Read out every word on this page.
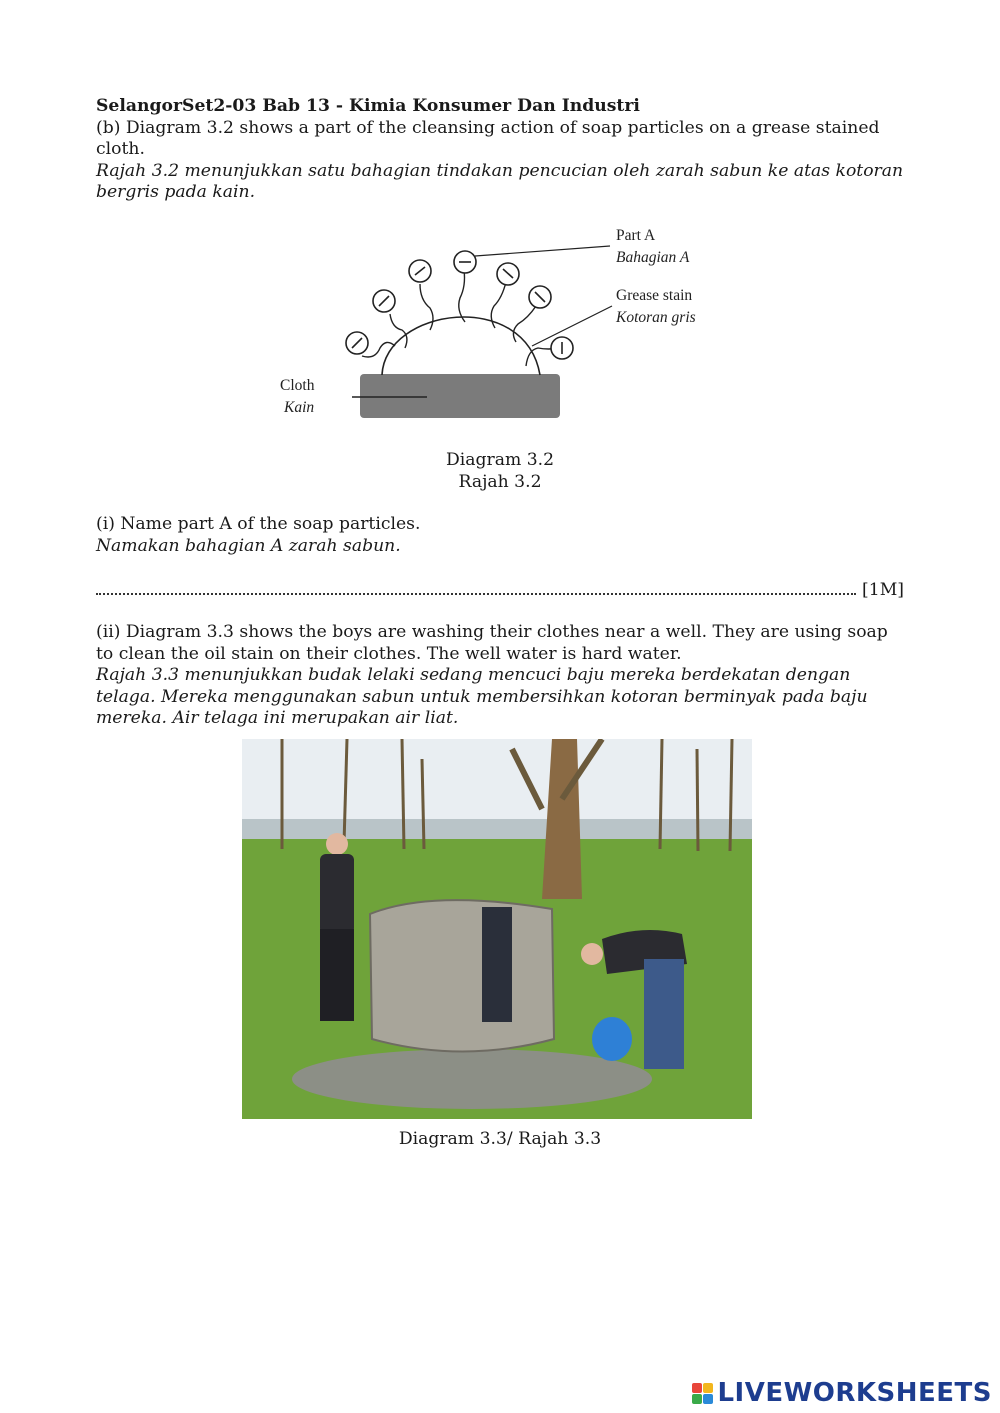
SelangorSet2-03 Bab 13 - Kimia Konsumer Dan Industri
(b) Diagram 3.2 shows a part of the cleansing action of soap particles on a grease stained cloth.
Rajah 3.2 menunjukkan satu bahagian tindakan pencucian oleh zarah sabun ke atas kotoran bergris pada kain.
Part A
Bahagian A
Grease stain
Kotoran gris
Cloth
Kain
Diagram 3.2
Rajah 3.2
(i) Name part A of the soap particles.
Namakan bahagian A zarah sabun.
[1M]
(ii) Diagram 3.3 shows the boys are washing their clothes near a well. They are using soap to clean the oil stain on their clothes. The well water is hard water.
Rajah 3.3 menunjukkan budak lelaki sedang mencuci baju mereka berdekatan dengan telaga. Mereka menggunakan sabun untuk membersihkan kotoran berminyak pada baju mereka. Air telaga ini merupakan air liat.
Diagram 3.3/ Rajah 3.3
LIVEWORKSHEETS
